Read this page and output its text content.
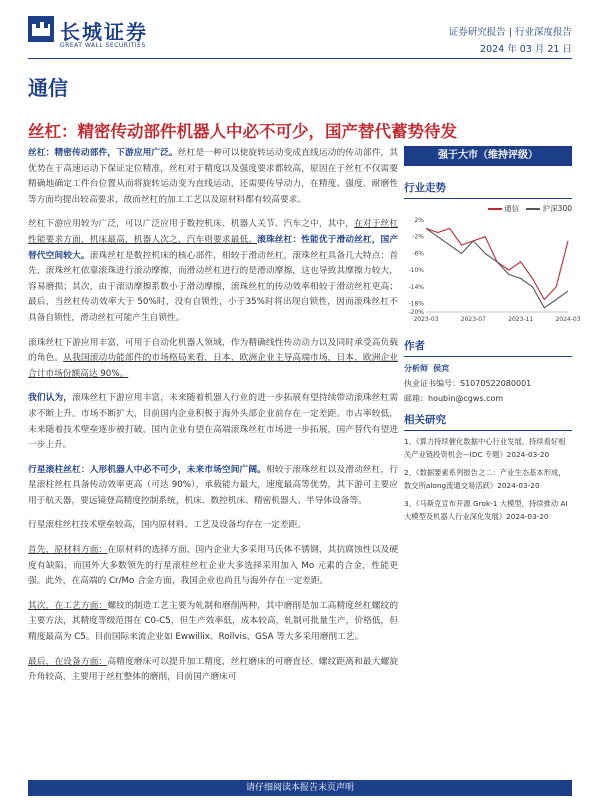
长城证券
GREAT WALL SECURITIES
证券研究报告 | 行业深度报告
2024 年 03 月 21 日
通信
丝杠：精密传动部件机器人中必不可少，国产替代蓄势待发

丝杠：精密传动部件，下游应用广泛。丝杠是一种可以使旋转运动变成直线运动的传动部件，其优势在于高速运动下保证定位精准，丝杠对于精度以及强度要求都较高，原因在于丝杠不仅需要精确地确定工件台位置从而将旋转运动变为直线运动，还需要传导动力，在精度、强度、耐磨性等方面均提出较高要求，故而丝杠的加工工艺以及原材料都有较高要求。

丝杠下游应用较为广泛，可以广泛应用于数控机床、机器人关节、汽车之中，其中，在对于丝杠性能要求方面，机床最高，机器人次之，汽车则要求最低。滚珠丝杠：性能优于滑动丝杠，国产替代空间较大。滚珠丝杠是数控机床的核心部件，相较于滑动丝杠，滚珠丝杠具备几大特点：首先，滚珠丝杠依靠滚珠进行滚动摩擦，而滑动丝杠进行的是滑动摩擦，这也导致其摩擦力较大，容易磨损；其次，由于滚动摩擦系数小于滑动摩擦，滚珠丝杠的传动效率相较于滑动丝杠更高；最后，当丝杠传动效率大于 50%时，没有自锁性，小于35%时将出现自锁性，因而滚珠丝杠不具备自锁性，滑动丝杠可能产生自锁性。

滚珠丝杠下游应用丰富，可用于自动化机器人领域，作为精确线性传动动力以及同时承受高负载的角色。从我国滚动功能部件的市场格局来看，日本、欧洲企业主导高端市场，日本、欧洲企业合计市场份额高达 90%。

我们认为，滚珠丝杠下游应用丰富，未来随着机器人行业的进一步拓展有望持续带动滚珠丝杠需求不断上升。市场不断扩大，目前国内企业积极于海外头部企业前存在一定差距。市占率较低，未来随着技术壁垒逐步被打破，国内企业有望在高端滚珠丝杠市场进一步拓展，国产替代有望进一步上升。

行星滚柱丝杠：人形机器人中必不可少，未来市场空间广阔。相较于滚珠丝杠以及滑动丝杠，行星滚柱丝杠具备传动效率更高（可达 90%），承载能力最大，速度最高等优势，其下游可主要应用于航天器，要远镜登高精度控制系统，机床、数控机床、精密机器人、半导体设备等。

行星滚柱丝杠技术壁垒较高，国内原材料、工艺及设备均存在一定差距。

首先，原材料方面：在原材料的选择方面，国内企业大多采用马氏体不锈钢，其抗腐蚀性以及硬度有缺陷，而国外大多数领先的行星滚柱丝杠企业大多选择采用加入 Mo 元素的合金，性能更强。此外，在高端的 Cr/Mo 合金方面，我国企业也尚且与海外存在一定差距。

其次，在工艺方面：螺纹的制造工艺主要为轧制和磨削两种，其中磨削是加工高精度丝杠螺纹的主要方法，其精度等级范围在 C0-C5，但生产效率低，成本较高，轧制可批量生产，价格低，但精度最高为 C5。目前国际来流企业如 Ewwillix、Rollvis、GSA 等大多采用磨削工艺。

最后，在设备方面：高精度磨床可以提升加工精度，丝杠磨床的可磨直径、螺纹距离和最大螺旋升角较高，主要用于丝杠整体的磨削，目前国产磨床可

强于大市（维持评级）
行业走势
通信	沪深300
2%
-2%
-6%
-10%
-14%
-18%
-20%
2023-03	2023-07	2023-11	2024-03
作者
分析师 侯宾
执业证书编号：S1070522080001
邮箱：houbin@cgws.com
相关研究
1、《算力持续催化数据中心行业发展，持续看好相关产业链投资机会—IDC 专题》2024-03-20
2、《数据要素系列报告之二：产业生态基本形成，数交所along流通交易活跃》2024-03-20
3、《马斯克宣布开源 Grok-1 大模型，持续推动 AI 大模型及机器人行业深化发展》2024-03-20
请仔细阅读本报告末页声明
